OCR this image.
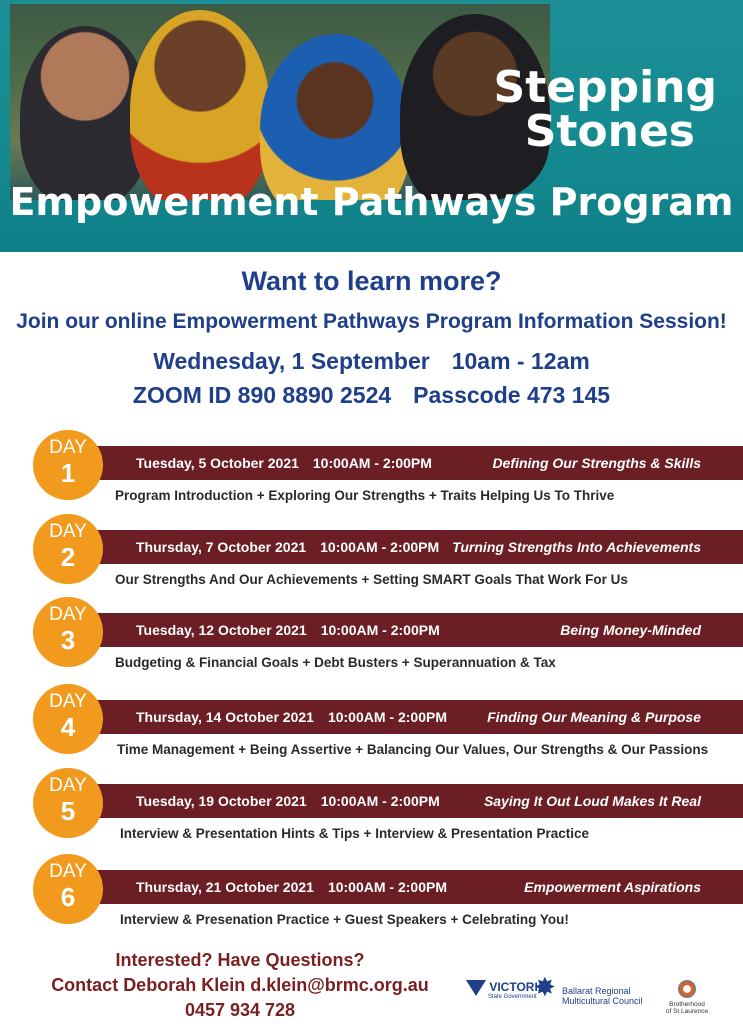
Stepping
Stones
Empowerment Pathways Program
Want to learn more?
Join our online Empowerment Pathways Program Information Session!
Wednesday, 1 September 10am - 12am
ZOOM ID 890 8890 2524 Passcode 473 145
DAY
1	Tuesday, 5 October 2021 10:00AM - 2:00PM	Defining Our Strengths & Skills
Program Introduction + Exploring Our Strengths + Traits Helping Us To Thrive
DAY
2	Thursday, 7 October 2021 10:00AM - 2:00PM Turning Strengths Into Achievements
Our Strengths And Our Achievements + Setting SMART Goals That Work For Us
DAY
3	Tuesday, 12 October 2021 10:00AM - 2:00PM	Being Money-Minded
Budgeting & Financial Goals + Debt Busters + Superannuation & Tax
DAY
4	Thursday, 14 October 2021 10:00AM - 2:00PM	Finding Our Meaning & Purpose
Time Management + Being Assertive + Balancing Our Values, Our Strengths & Our Passions
DAY
5	Tuesday, 19 October 2021 10:00AM - 2:00PM	Saying It Out Loud Makes It Real
Interview & Presentation Hints & Tips + Interview & Presentation Practice
DAY
6	Thursday, 21 October 2021 10:00AM - 2:00PM	Empowerment Aspirations
Interview & Presenation Practice + Guest Speakers + Celebrating You!
Interested? Have Questions?
Contact Deborah Klein d.klein@brmc.org.au
0457 934 728
VICTORIA
State Government
✸ Ballarat Regional
Multicultural Council	Brotherhood
of St Laurence
